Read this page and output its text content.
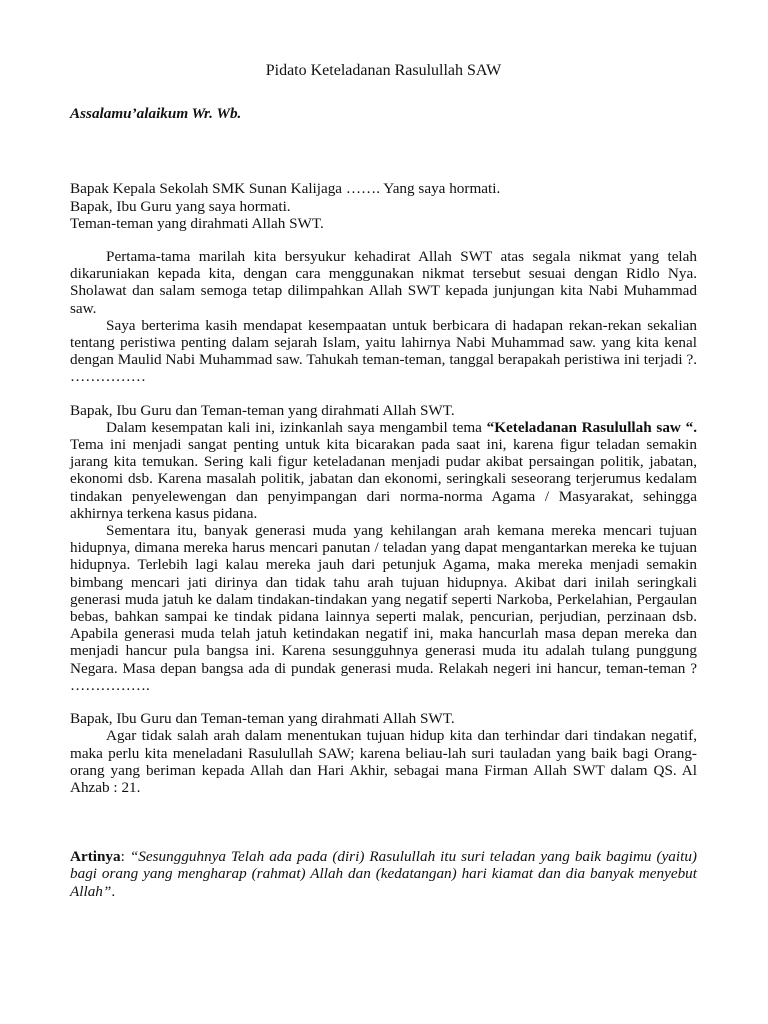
Pidato Keteladanan Rasulullah SAW
Assalamu’alaikum Wr. Wb.
Bapak Kepala Sekolah SMK Sunan Kalijaga ……. Yang saya hormati.
Bapak, Ibu Guru yang saya hormati.
Teman-teman yang dirahmati Allah SWT.

Pertama-tama marilah kita bersyukur kehadirat Allah SWT atas segala nikmat yang telah dikaruniakan kepada kita, dengan cara menggunakan nikmat tersebut sesuai dengan Ridlo Nya. Sholawat dan salam semoga tetap dilimpahkan Allah SWT kepada junjungan kita Nabi Muhammad saw.

Saya berterima kasih mendapat kesempaatan untuk berbicara di hadapan rekan-rekan sekalian tentang peristiwa penting dalam sejarah Islam, yaitu lahirnya Nabi Muhammad saw. yang kita kenal dengan Maulid Nabi Muhammad saw. Tahukah teman-teman, tanggal berapakah peristiwa ini terjadi ?. ……………

Bapak, Ibu Guru dan Teman-teman yang dirahmati Allah SWT.

Dalam kesempatan kali ini, izinkanlah saya mengambil tema “Keteladanan Rasulullah saw “. Tema ini menjadi sangat penting untuk kita bicarakan pada saat ini, karena figur teladan semakin jarang kita temukan. Sering kali figur keteladanan menjadi pudar akibat persaingan politik, jabatan, ekonomi dsb. Karena masalah politik, jabatan dan ekonomi, seringkali seseorang terjerumus kedalam tindakan penyelewengan dan penyimpangan dari norma-norma Agama / Masyarakat, sehingga akhirnya terkena kasus pidana.

Sementara itu, banyak generasi muda yang kehilangan arah kemana mereka mencari tujuan hidupnya, dimana mereka harus mencari panutan / teladan yang dapat mengantarkan mereka ke tujuan hidupnya. Terlebih lagi kalau mereka jauh dari petunjuk Agama, maka mereka menjadi semakin bimbang mencari jati dirinya dan tidak tahu arah tujuan hidupnya. Akibat dari inilah seringkali generasi muda jatuh ke dalam tindakan-tindakan yang negatif seperti Narkoba, Perkelahian, Pergaulan bebas, bahkan sampai ke tindak pidana lainnya seperti malak, pencurian, perjudian, perzinaan dsb. Apabila generasi muda telah jatuh ketindakan negatif ini, maka hancurlah masa depan mereka dan menjadi hancur pula bangsa ini. Karena sesungguhnya generasi muda itu adalah tulang punggung Negara. Masa depan bangsa ada di pundak generasi muda. Relakah negeri ini hancur, teman-teman ? …………….

Bapak, Ibu Guru dan Teman-teman yang dirahmati Allah SWT.

Agar tidak salah arah dalam menentukan tujuan hidup kita dan terhindar dari tindakan negatif, maka perlu kita meneladani Rasulullah SAW; karena beliau-lah suri tauladan yang baik bagi Orang-orang yang beriman kepada Allah dan Hari Akhir, sebagai mana Firman Allah SWT dalam QS. Al Ahzab : 21.

Artinya: “Sesungguhnya Telah ada pada (diri) Rasulullah itu suri teladan yang baik bagimu (yaitu) bagi orang yang mengharap (rahmat) Allah dan (kedatangan) hari kiamat dan dia banyak menyebut Allah”.
